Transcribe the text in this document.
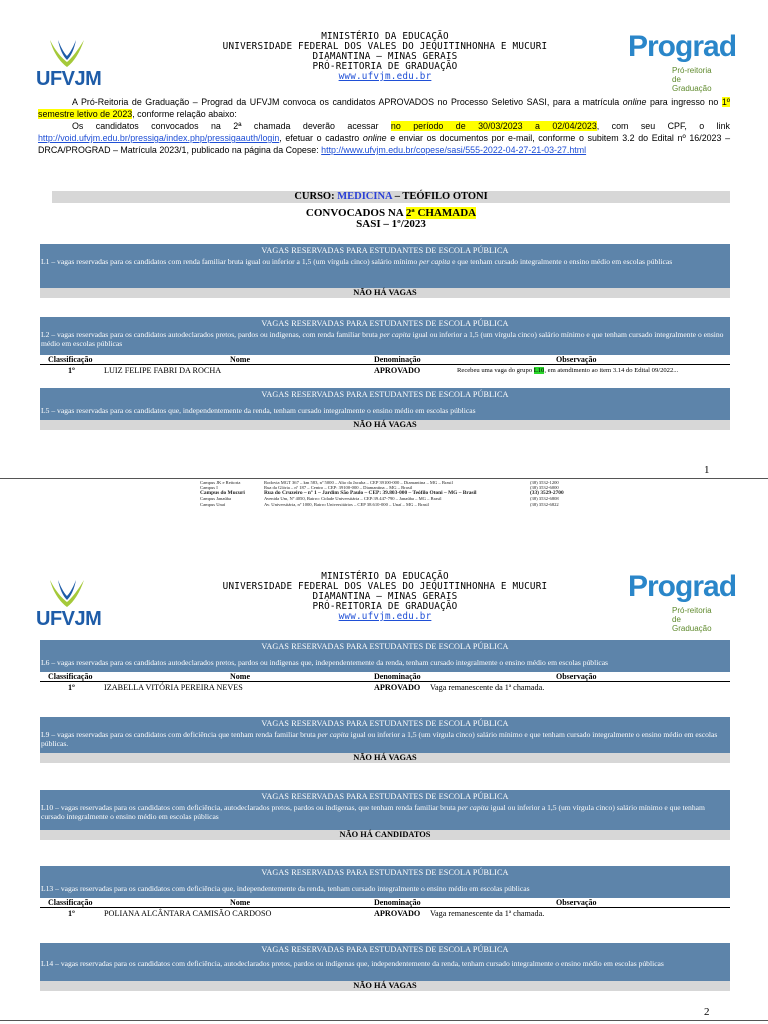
UFVJM
MINISTÉRIO DA EDUCAÇÃO
UNIVERSIDADE FEDERAL DOS VALES DO JEQUITINHONHA E MUCURI
DIAMANTINA – MINAS GERAIS
PRÓ-REITORIA DE GRADUAÇÃO
www.ufvjm.edu.br
Prograd
Pró-reitoria
de Graduação

A Pró-Reitoria de Graduação – Prograd da UFVJM convoca os candidatos APROVADOS no Processo Seletivo SASI, para a matrícula online para ingresso no 1º semestre letivo de 2023, conforme relação abaixo:

Os candidatos convocados na 2ª chamada deverão acessar no período de 30/03/2023 a 02/04/2023, com seu CPF, o link http://void.ufvjm.edu.br/pressiga/index.php/pressigaauth/login, efetuar o cadastro online e enviar os documentos por e-mail, conforme o subitem 3.2 do Edital nº 16/2023 – DRCA/PROGRAD – Matrícula 2023/1, publicado na página da Copese: http://www.ufvjm.edu.br/copese/sasi/555-2022-04-27-21-03-27.html

CURSO: MEDICINA – TEÓFILO OTONI
CONVOCADOS NA 2ª CHAMADA
SASI – 1º/2023
VAGAS RESERVADAS PARA ESTUDANTES DE ESCOLA PÚBLICA
L1 – vagas reservadas para os candidatos com renda familiar bruta igual ou inferior a 1,5 (um vírgula cinco) salário mínimo per capita e que tenham cursado integralmente o ensino médio em escolas públicas
NÃO HÁ VAGAS
VAGAS RESERVADAS PARA ESTUDANTES DE ESCOLA PÚBLICA
L2 – vagas reservadas para os candidatos autodeclarados pretos, pardos ou indígenas, com renda familiar bruta per capita igual ou inferior a 1,5 (um vírgula cinco) salário mínimo e que tenham cursado integralmente o ensino médio em escolas públicas
Classificação	Nome	Denominação	Observação
1º	LUIZ FELIPE FABRI DA ROCHA	APROVADO	Recebeu uma vaga do grupo L10, em atendimento ao item 3.14 do Edital 09/2022...
VAGAS RESERVADAS PARA ESTUDANTES DE ESCOLA PÚBLICA
L5 – vagas reservadas para os candidatos que, independentemente da renda, tenham cursado integralmente o ensino médio em escolas públicas
NÃO HÁ VAGAS
1
Campus JK e Reitoria	Rodovia MGT 367 – km 583, nº 5000 – Alto da Jacuba – CEP 39100-000 – Diamantina – MG – Brasil	(38) 3532-1200
Campus I	Rua da Glória – nº 187 – Centro – CEP: 39100-000 – Diamantina – MG – Brasil	(38) 3532-6000
Campus do Mucuri	Rua do Cruzeiro – nº 1 – Jardim São Paulo – CEP: 39.803-000 – Teófilo Otoni – MG – Brasil	(33) 3529-2700
Campus Janaúba	Avenida Um, Nº 4050, Bairro: Cidade Universitária – CEP:39.447-790 – Janaúba – MG – Brasil	(38) 3532-6808
Campus Unaí	Av. Universitária, nº 1000, Bairro Universitários – CEP 38.610-000 – Unaí – MG – Brasil	(38) 3532-6822
UFVJM
MINISTÉRIO DA EDUCAÇÃO
UNIVERSIDADE FEDERAL DOS VALES DO JEQUITINHONHA E MUCURI
DIAMANTINA – MINAS GERAIS
PRÓ-REITORIA DE GRADUAÇÃO
www.ufvjm.edu.br
Prograd
Pró-reitoria
de Graduação
VAGAS RESERVADAS PARA ESTUDANTES DE ESCOLA PÚBLICA
L6 – vagas reservadas para os candidatos autodeclarados pretos, pardos ou indígenas que, independentemente da renda, tenham cursado integralmente o ensino médio em escolas públicas
Classificação	Nome	Denominação	Observação
1º	IZABELLA VITÓRIA PEREIRA NEVES	APROVADO Vaga remanescente da 1ª chamada.
VAGAS RESERVADAS PARA ESTUDANTES DE ESCOLA PÚBLICA
L9 – vagas reservadas para os candidatos com deficiência que tenham renda familiar bruta per capita igual ou inferior a 1,5 (um vírgula cinco) salário mínimo e que tenham cursado integralmente o ensino médio em escolas públicas.
NÃO HÁ VAGAS
VAGAS RESERVADAS PARA ESTUDANTES DE ESCOLA PÚBLICA
L10 – vagas reservadas para os candidatos com deficiência, autodeclarados pretos, pardos ou indígenas, que tenham renda familiar bruta per capita igual ou inferior a 1,5 (um vírgula cinco) salário mínimo e que tenham cursado integralmente o ensino médio em escolas públicas
NÃO HÁ CANDIDATOS
VAGAS RESERVADAS PARA ESTUDANTES DE ESCOLA PÚBLICA
L13 – vagas reservadas para os candidatos com deficiência que, independentemente da renda, tenham cursado integralmente o ensino médio em escolas públicas
Classificação	Nome	Denominação	Observação
1º	POLIANA ALCÂNTARA CAMISÃO CARDOSO	APROVADO Vaga remanescente da 1ª chamada.
VAGAS RESERVADAS PARA ESTUDANTES DE ESCOLA PÚBLICA
L14 – vagas reservadas para os candidatos com deficiência, autodeclarados pretos, pardos ou indígenas que, independentemente da renda, tenham cursado integralmente o ensino médio em escolas públicas
NÃO HÁ VAGAS
2
